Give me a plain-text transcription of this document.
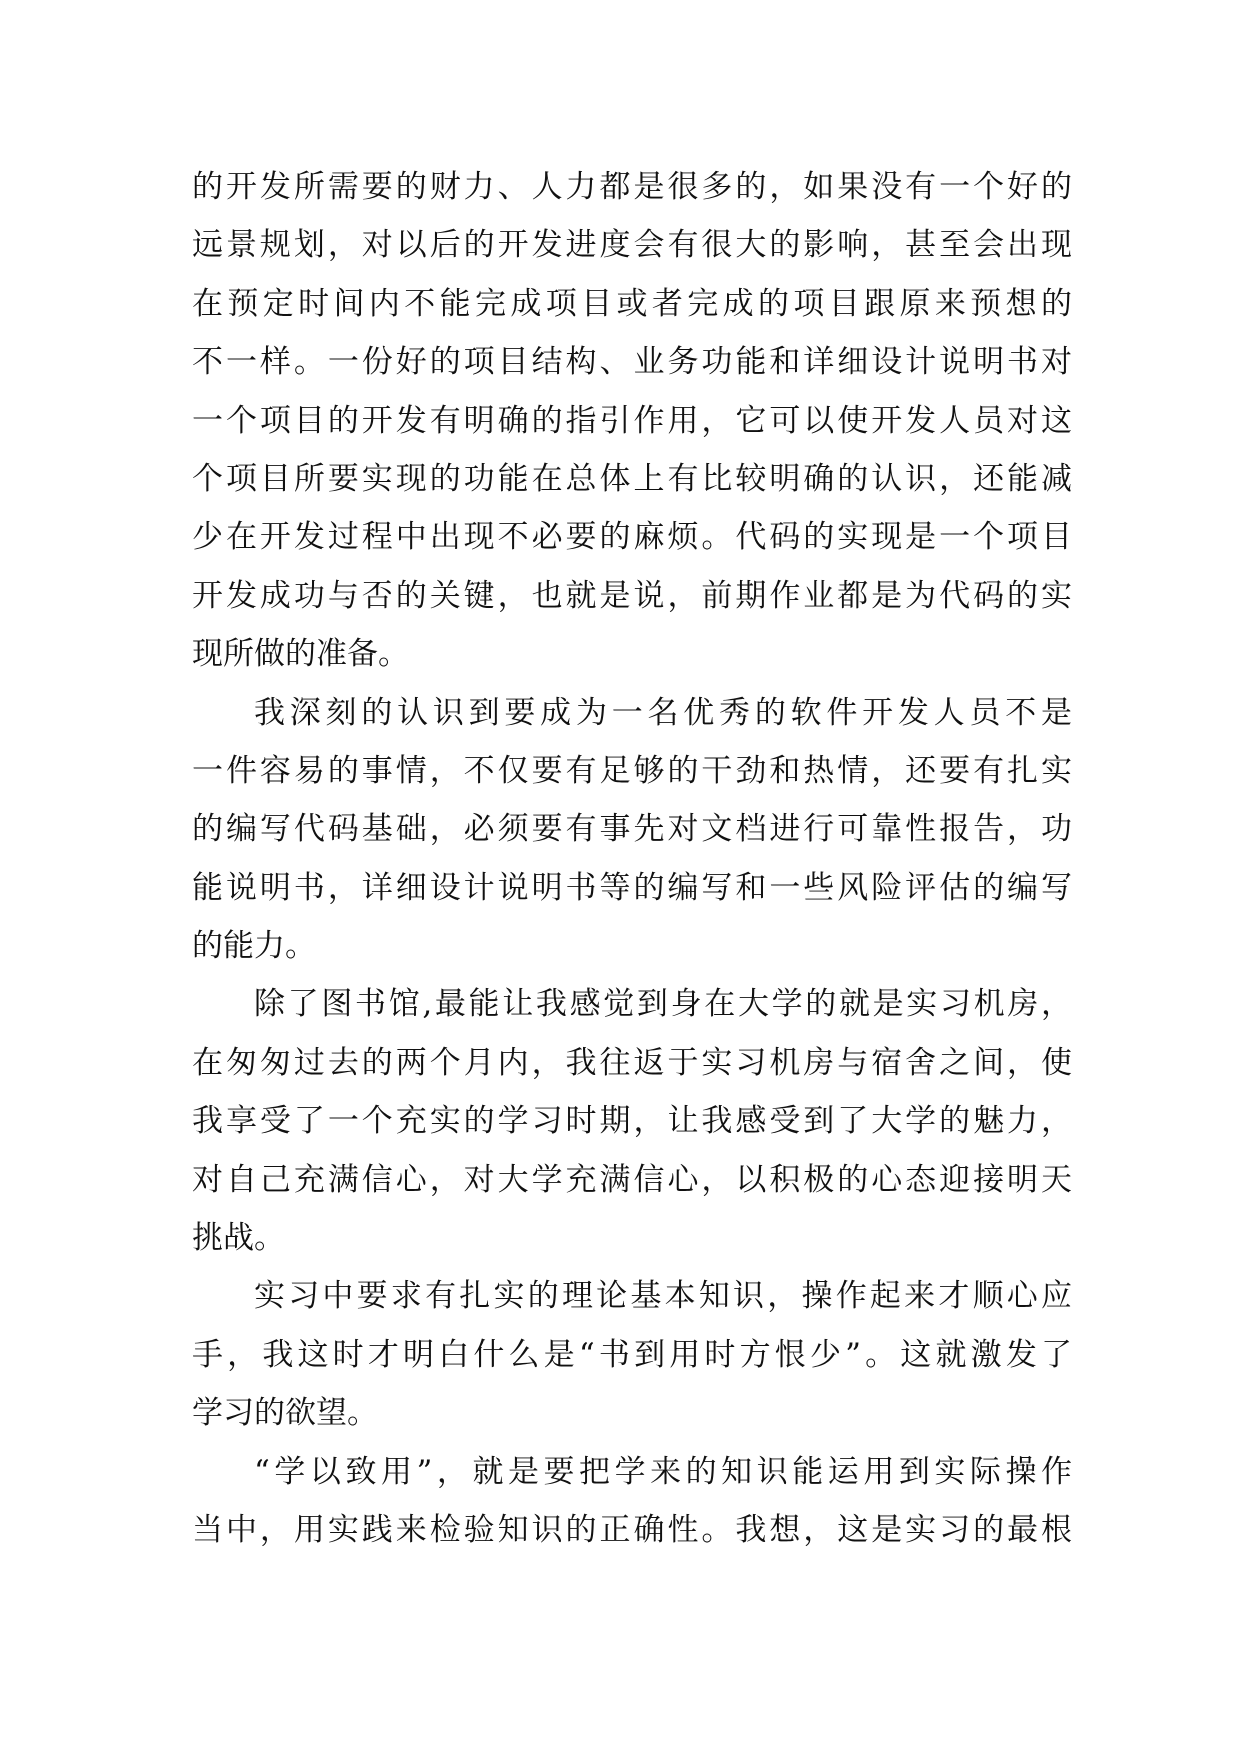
的开发所需要的财力、人力都是很多的，如果没有一个好的
远景规划，对以后的开发进度会有很大的影响，甚至会出现
在预定时间内不能完成项目或者完成的项目跟原来预想的
不一样。一份好的项目结构、业务功能和详细设计说明书对
一个项目的开发有明确的指引作用，它可以使开发人员对这
个项目所要实现的功能在总体上有比较明确的认识，还能减
少在开发过程中出现不必要的麻烦。代码的实现是一个项目
开发成功与否的关键，也就是说，前期作业都是为代码的实
现所做的准备。
我深刻的认识到要成为一名优秀的软件开发人员不是
一件容易的事情，不仅要有足够的干劲和热情，还要有扎实
的编写代码基础，必须要有事先对文档进行可靠性报告，功
能说明书，详细设计说明书等的编写和一些风险评估的编写
的能力。
除了图书馆,最能让我感觉到身在大学的就是实习机房，
在匆匆过去的两个月内，我往返于实习机房与宿舍之间，使
我享受了一个充实的学习时期，让我感受到了大学的魅力，
对自己充满信心，对大学充满信心，以积极的心态迎接明天
挑战。
实习中要求有扎实的理论基本知识，操作起来才顺心应
手，我这时才明白什么是“书到用时方恨少”。这就激发了
学习的欲望。
“学以致用”，就是要把学来的知识能运用到实际操作
当中，用实践来检验知识的正确性。我想，这是实习的最根
